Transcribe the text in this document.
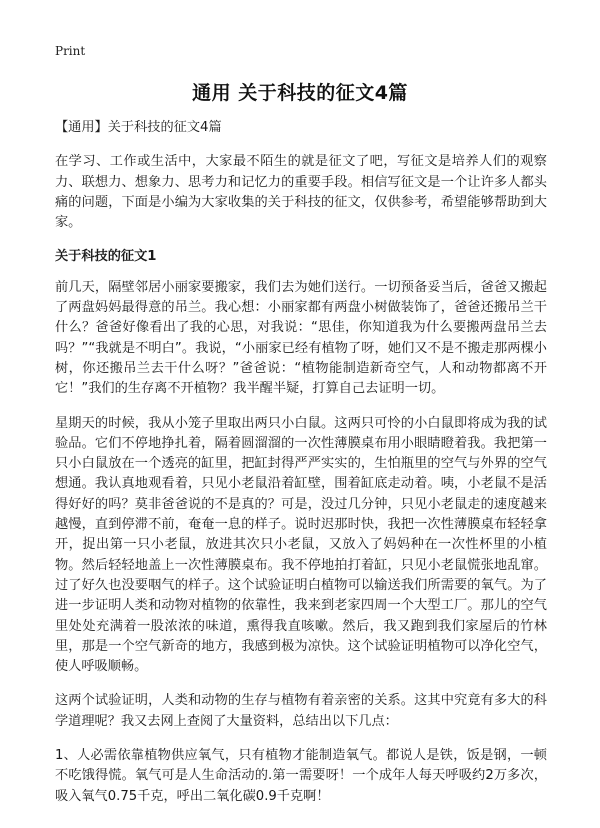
Print
通用 关于科技的征文4篇
【通用】关于科技的征文4篇

在学习、工作或生活中，大家最不陌生的就是征文了吧，写征文是培养人们的观察力、联想力、想象力、思考力和记忆力的重要手段。相信写征文是一个让许多人都头痛的问题，下面是小编为大家收集的关于科技的征文，仅供参考，希望能够帮助到大家。

关于科技的征文1

前几天，隔壁邻居小丽家要搬家，我们去为她们送行。一切预备妥当后，爸爸又搬起了两盘妈妈最得意的吊兰。我心想：小丽家都有两盘小树做装饰了，爸爸还搬吊兰干什么？爸爸好像看出了我的心思，对我说：“思佳，你知道我为什么要搬两盘吊兰去吗？”“我就是不明白”。我说，“小丽家已经有植物了呀，她们又不是不搬走那两棵小树，你还搬吊兰去干什么呀？”爸爸说：“植物能制造新奇空气，人和动物都离不开它！”我们的生存离不开植物？我半醒半疑，打算自己去证明一切。

星期天的时候，我从小笼子里取出两只小白鼠。这两只可怜的小白鼠即将成为我的试验品。它们不停地挣扎着，隔着圆溜溜的一次性薄膜桌布用小眼睛瞪着我。我把第一只小白鼠放在一个透亮的缸里，把缸封得严严实实的，生怕瓶里的空气与外界的空气想通。我认真地观看着，只见小老鼠沿着缸壁，围着缸底走动着。咦，小老鼠不是活得好好的吗？莫非爸爸说的不是真的？可是，没过几分钟，只见小老鼠走的速度越来越慢，直到停滞不前，奄奄一息的样子。说时迟那时快，我把一次性薄膜桌布轻轻拿开，捉出第一只小老鼠，放进其次只小老鼠，又放入了妈妈种在一次性杯里的小植物。然后轻轻地盖上一次性薄膜桌布。我不停地拍打着缸，只见小老鼠慌张地乱窜。过了好久也没要咽气的样子。这个试验证明白植物可以输送我们所需要的氧气。为了进一步证明人类和动物对植物的依靠性，我来到老家四周一个大型工厂。那儿的空气里处处充满着一股浓浓的味道，熏得我直咳嗽。然后，我又跑到我们家屋后的竹林里，那是一个空气新奇的地方，我感到极为凉快。这个试验证明植物可以净化空气，使人呼吸顺畅。

这两个试验证明，人类和动物的生存与植物有着亲密的关系。这其中究竟有多大的科学道理呢？我又去网上查阅了大量资料，总结出以下几点：

1、人必需依靠植物供应氧气，只有植物才能制造氧气。都说人是铁，饭是钢，一顿不吃饿得慌。氧气可是人生命活动的.第一需要呀！一个成年人每天呼吸约2万多次，吸入氧气0.75千克，呼出二氧化碳0.9千克啊！
